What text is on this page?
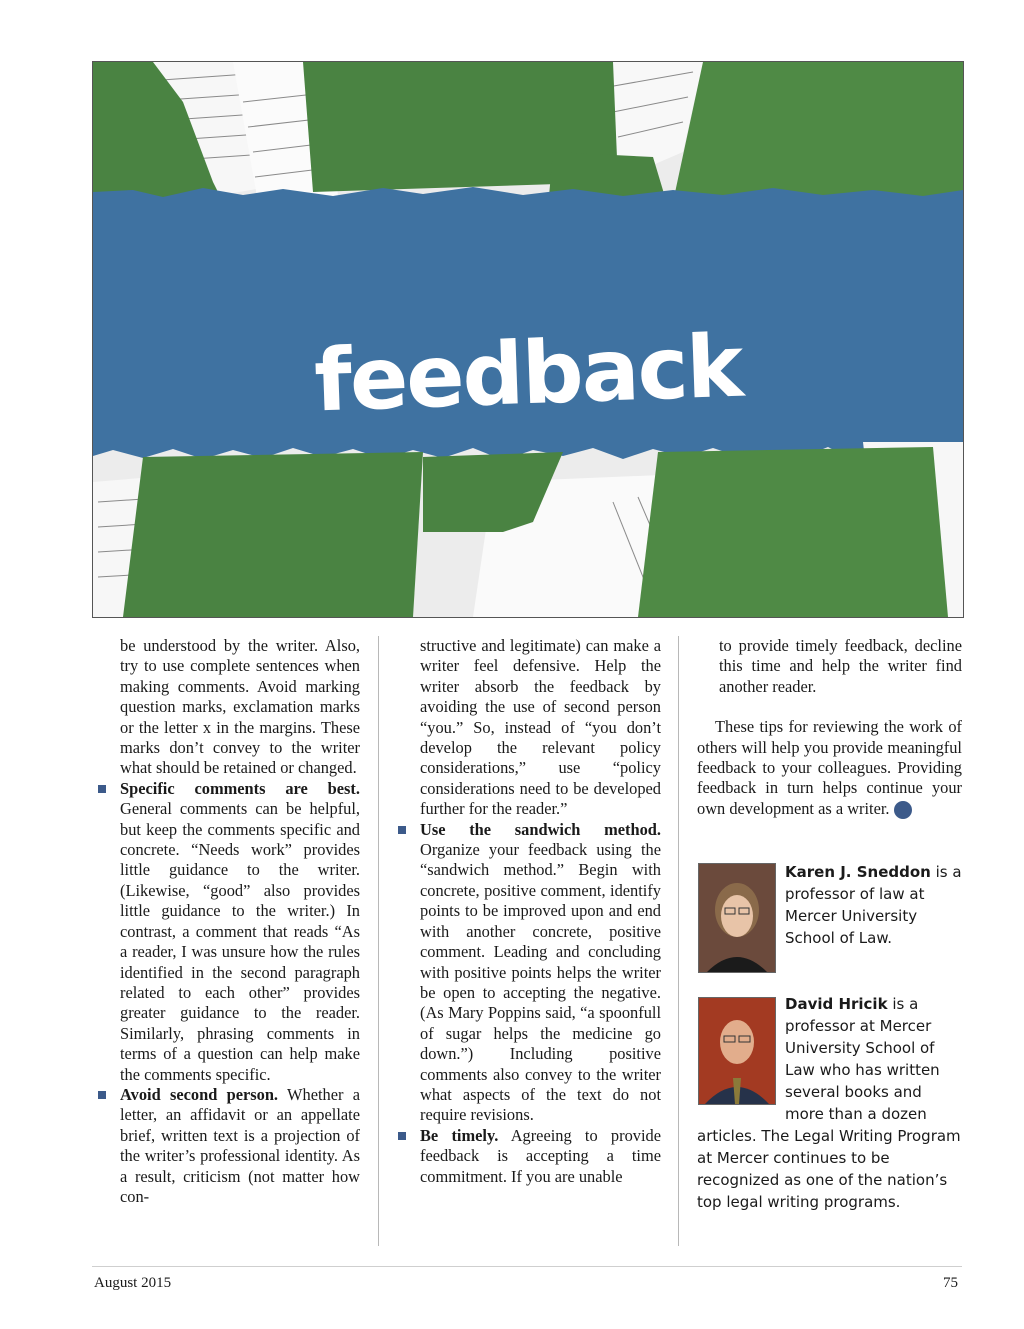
feedback

be understood by the writer. Also, try to use complete sentences when making comments. Avoid marking question marks, exclamation marks or the letter x in the margins. These marks don’t convey to the writer what should be retained or changed.

Specific comments are best. General comments can be helpful, but keep the comments specific and concrete. “Needs work” provides little guidance to the writer. (Likewise, “good” also provides little guidance to the writer.) In contrast, a comment that reads “As a reader, I was unsure how the rules identified in the second paragraph related to each other” provides greater guidance to the reader. Similarly, phrasing comments in terms of a question can help make the comments specific.

Avoid second person. Whether a letter, an affidavit or an appellate brief, written text is a projection of the writer’s professional identity. As a result, criticism (not matter how con-

structive and legitimate) can make a writer feel defensive. Help the writer absorb the feedback by avoiding the use of second person “you.” So, instead of “you don’t develop the relevant policy considerations,” use “policy considerations need to be developed further for the reader.”

Use the sandwich method. Organize your feedback using the “sandwich method.” Begin with concrete, positive comment, identify points to be improved upon and end with another concrete, positive comment. Leading and concluding with positive points helps the writer be open to accepting the negative. (As Mary Poppins said, “a spoonfull of sugar helps the medicine go down.”) Including positive comments also convey to the writer what aspects of the text do not require revisions.

Be timely. Agreeing to provide feedback is accepting a time commitment. If you are unable

to provide timely feedback, decline this time and help the writer find another reader.

These tips for reviewing the work of others will help you provide meaningful feedback to your colleagues. Providing feedback in turn helps continue your own development as a writer.	GBJ

Karen J. Sneddon is a professor of law at Mercer University School of Law.
David Hricik is a professor at Mercer University School of Law who has written several books and more than a dozen articles. The Legal Writing Program at Mercer continues to be recognized as one of the nation’s top legal writing programs.
August 2015	75
